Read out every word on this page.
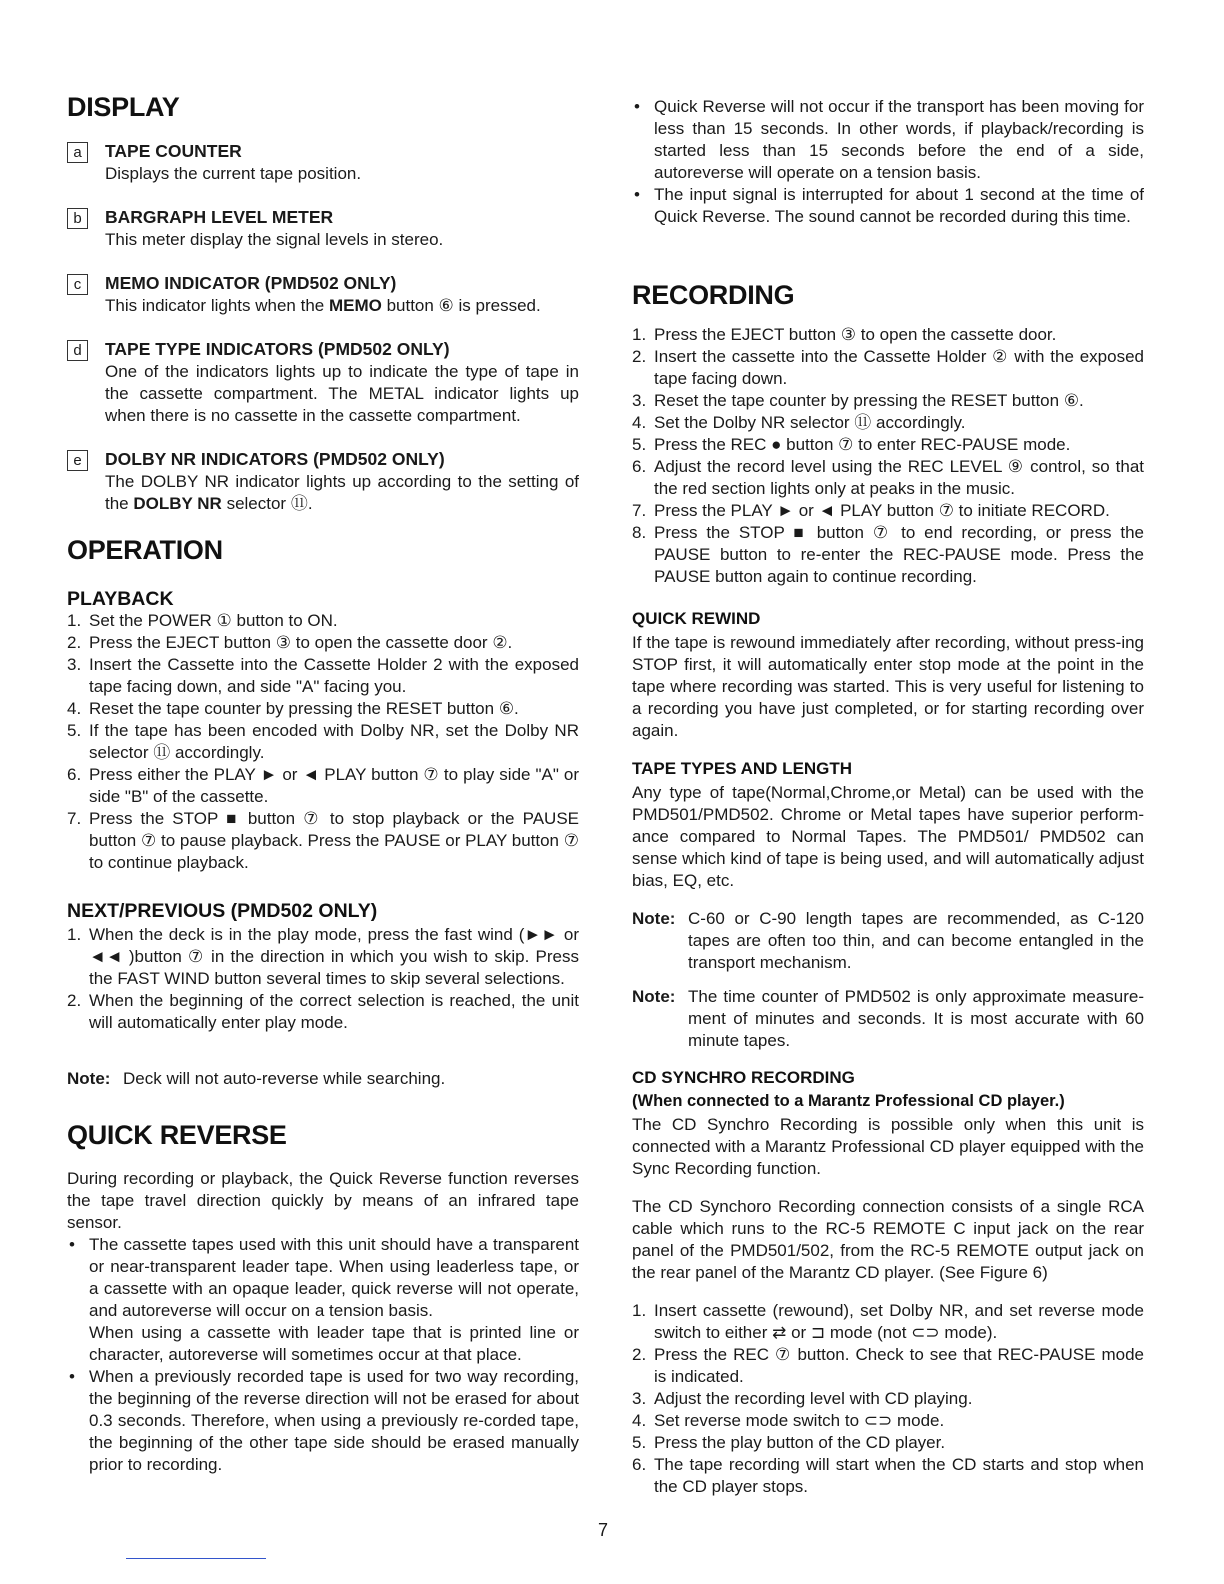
DISPLAY
a	TAPE COUNTER
Displays the current tape position.
b	BARGRAPH LEVEL METER
This meter display the signal levels in stereo.
c	MEMO INDICATOR (PMD502 ONLY)
This indicator lights when the MEMO button ⑥ is pressed.
d	TAPE TYPE INDICATORS (PMD502 ONLY)
One of the indicators lights up to indicate the type of tape in the cassette compartment. The METAL indicator lights up when there is no cassette in the cassette compartment.
e	DOLBY NR INDICATORS (PMD502 ONLY)
The DOLBY NR indicator lights up according to the setting of the DOLBY NR selector ⑪.
OPERATION
PLAYBACK
1. Set the POWER ① button to ON.
2. Press the EJECT button ③ to open the cassette door ②.
3. Insert the Cassette into the Cassette Holder 2 with the exposed tape facing down, and side "A" facing you.
4. Reset the tape counter by pressing the RESET button ⑥.
5. If the tape has been encoded with Dolby NR, set the Dolby NR selector ⑪ accordingly.
6. Press either the PLAY ► or ◄ PLAY button ⑦ to play side "A" or side "B" of the cassette.
7. Press the STOP ■ button ⑦ to stop playback or the PAUSE button ⑦ to pause playback. Press the PAUSE or PLAY button ⑦ to continue playback.
NEXT/PREVIOUS (PMD502 ONLY)
1. When the deck is in the play mode, press the fast wind (►► or ◄◄ )button ⑦ in the direction in which you wish to skip. Press the FAST WIND button several times to skip several selections.
2. When the beginning of the correct selection is reached, the unit will automatically enter play mode.
Note: Deck will not auto-reverse while searching.
QUICK REVERSE
During recording or playback, the Quick Reverse function reverses the tape travel direction quickly by means of an infrared tape sensor.
• The cassette tapes used with this unit should have a transparent or near-transparent leader tape. When using leaderless tape, or a cassette with an opaque leader, quick reverse will not operate, and autoreverse will occur on a tension basis.
When using a cassette with leader tape that is printed line or character, autoreverse will sometimes occur at that place.
• When a previously recorded tape is used for two way recording, the beginning of the reverse direction will not be erased for about 0.3 seconds. Therefore, when using a previously re-corded tape, the beginning of the other tape side should be erased manually prior to recording.
• Quick Reverse will not occur if the transport has been moving for less than 15 seconds. In other words, if playback/recording is started less than 15 seconds before the end of a side, autoreverse will operate on a tension basis.
• The input signal is interrupted for about 1 second at the time of Quick Reverse. The sound cannot be recorded during this time.
RECORDING
1. Press the EJECT button ③ to open the cassette door.
2. Insert the cassette into the Cassette Holder ② with the exposed tape facing down.
3. Reset the tape counter by pressing the RESET button ⑥.
4. Set the Dolby NR selector ⑪ accordingly.
5. Press the REC ● button ⑦ to enter REC-PAUSE mode.
6. Adjust the record level using the REC LEVEL ⑨ control, so that the red section lights only at peaks in the music.
7. Press the PLAY ► or ◄ PLAY button ⑦ to initiate RECORD.
8. Press the STOP ■ button ⑦ to end recording, or press the PAUSE button to re-enter the REC-PAUSE mode. Press the PAUSE button again to continue recording.
QUICK REWIND
If the tape is rewound immediately after recording, without press-ing STOP first, it will automatically enter stop mode at the point in the tape where recording was started. This is very useful for listening to a recording you have just completed, or for starting recording over again.
TAPE TYPES AND LENGTH
Any type of tape(Normal,Chrome,or Metal) can be used with the PMD501/PMD502. Chrome or Metal tapes have superior perform-ance compared to Normal Tapes. The PMD501/ PMD502 can sense which kind of tape is being used, and will automatically adjust bias, EQ, etc.
Note: C-60 or C-90 length tapes are recommended, as C-120 tapes are often too thin, and can become entangled in the transport mechanism.
Note: The time counter of PMD502 is only approximate measure-ment of minutes and seconds. It is most accurate with 60 minute tapes.
CD SYNCHRO RECORDING
(When connected to a Marantz Professional CD player.)
The CD Synchro Recording is possible only when this unit is connected with a Marantz Professional CD player equipped with the Sync Recording function.
The CD Synchoro Recording connection consists of a single RCA cable which runs to the RC-5 REMOTE C input jack on the rear panel of the PMD501/502, from the RC-5 REMOTE output jack on the rear panel of the Marantz CD player. (See Figure 6)
1. Insert cassette (rewound), set Dolby NR, and set reverse mode switch to either ⇄ or ⊐ mode (not ⊂⊃ mode).
2. Press the REC ⑦ button. Check to see that REC-PAUSE mode is indicated.
3. Adjust the recording level with CD playing.
4. Set reverse mode switch to ⊂⊃ mode.
5. Press the play button of the CD player.
6. The tape recording will start when the CD starts and stop when the CD player stops.
7
